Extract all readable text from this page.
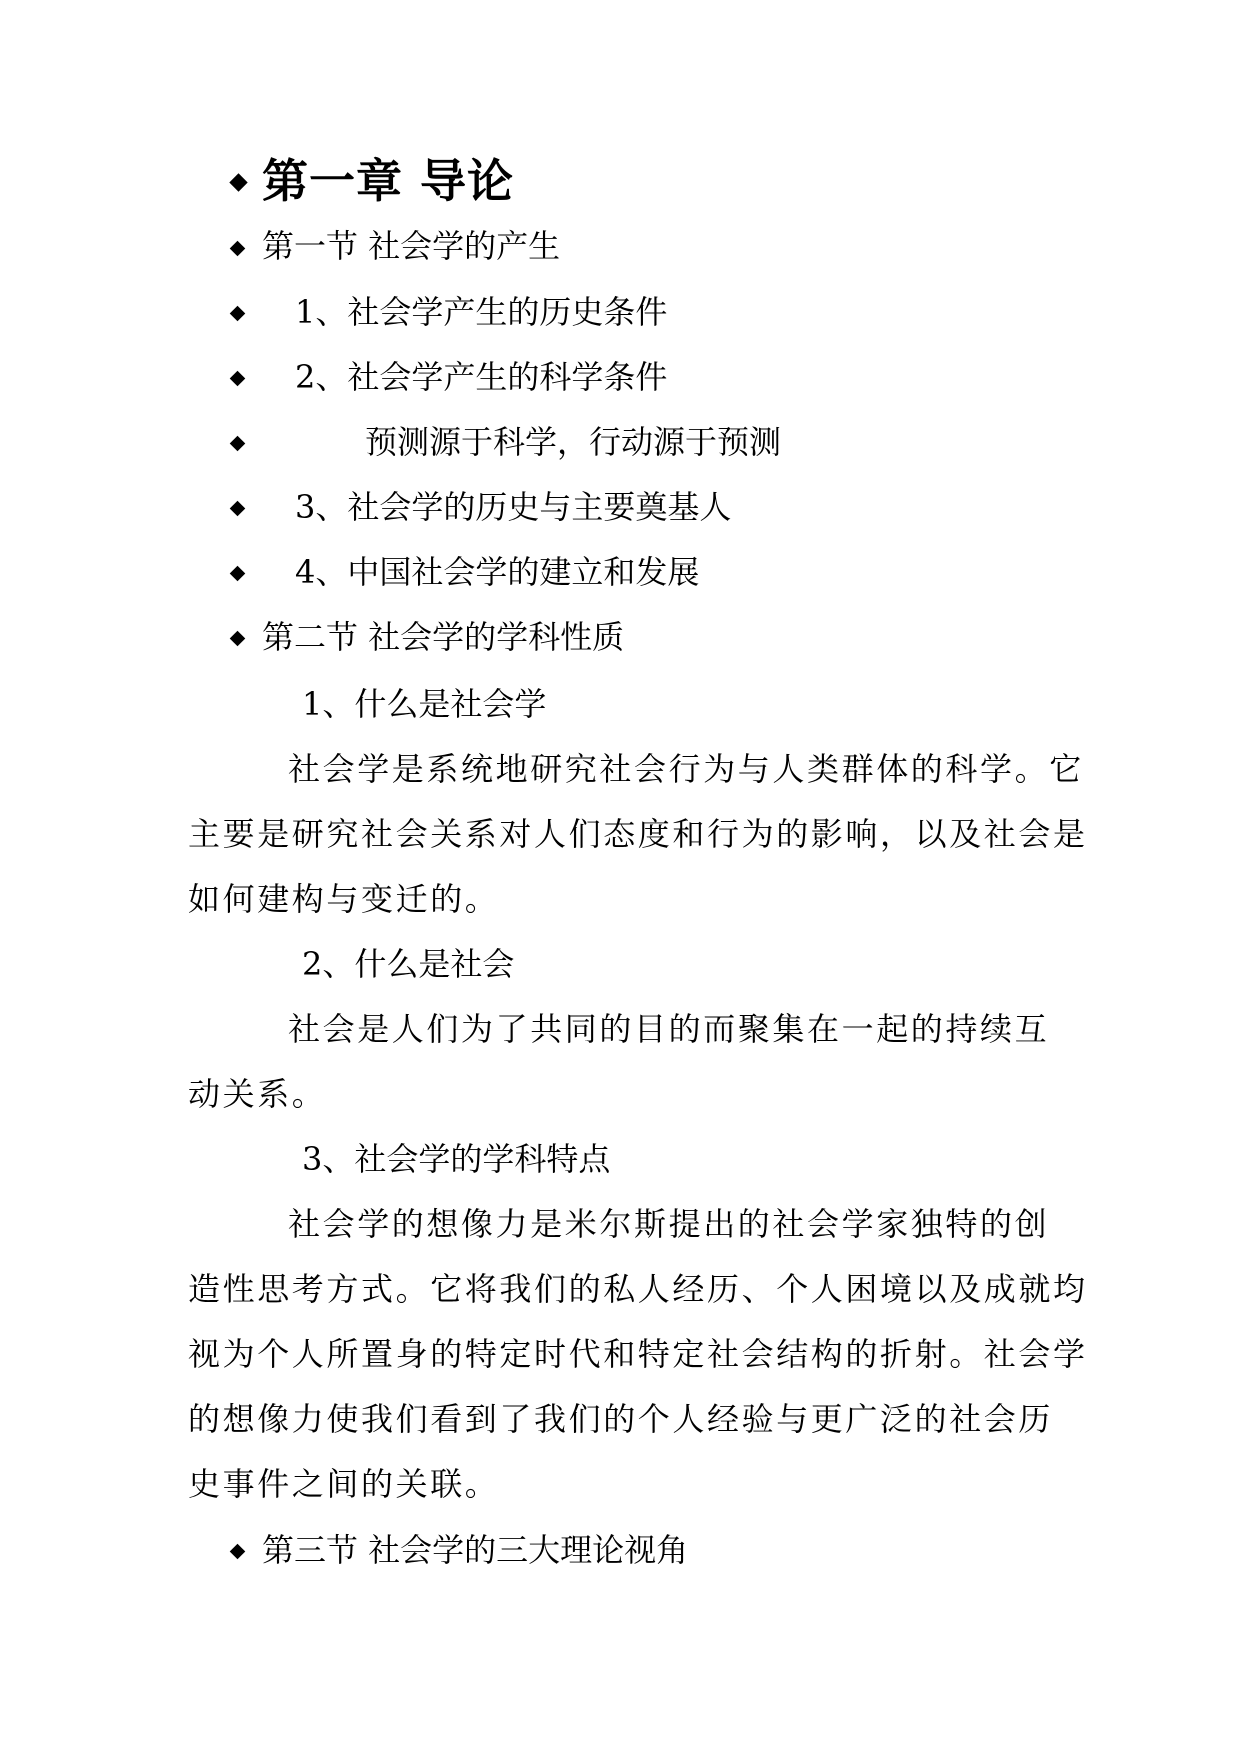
第一章 导论
第一节 社会学的产生
1、社会学产生的历史条件
2、社会学产生的科学条件
预测源于科学，行动源于预测
3、社会学的历史与主要奠基人
4、中国社会学的建立和发展
第二节 社会学的学科性质
1、什么是社会学
社会学是系统地研究社会行为与人类群体的科学。它
主要是研究社会关系对人们态度和行为的影响，以及社会是
如何建构与变迁的。
2、什么是社会
社会是人们为了共同的目的而聚集在一起的持续互
动关系。
3、社会学的学科特点
社会学的想像力是米尔斯提出的社会学家独特的创
造性思考方式。它将我们的私人经历、个人困境以及成就均
视为个人所置身的特定时代和特定社会结构的折射。社会学
的想像力使我们看到了我们的个人经验与更广泛的社会历
史事件之间的关联。
第三节 社会学的三大理论视角
